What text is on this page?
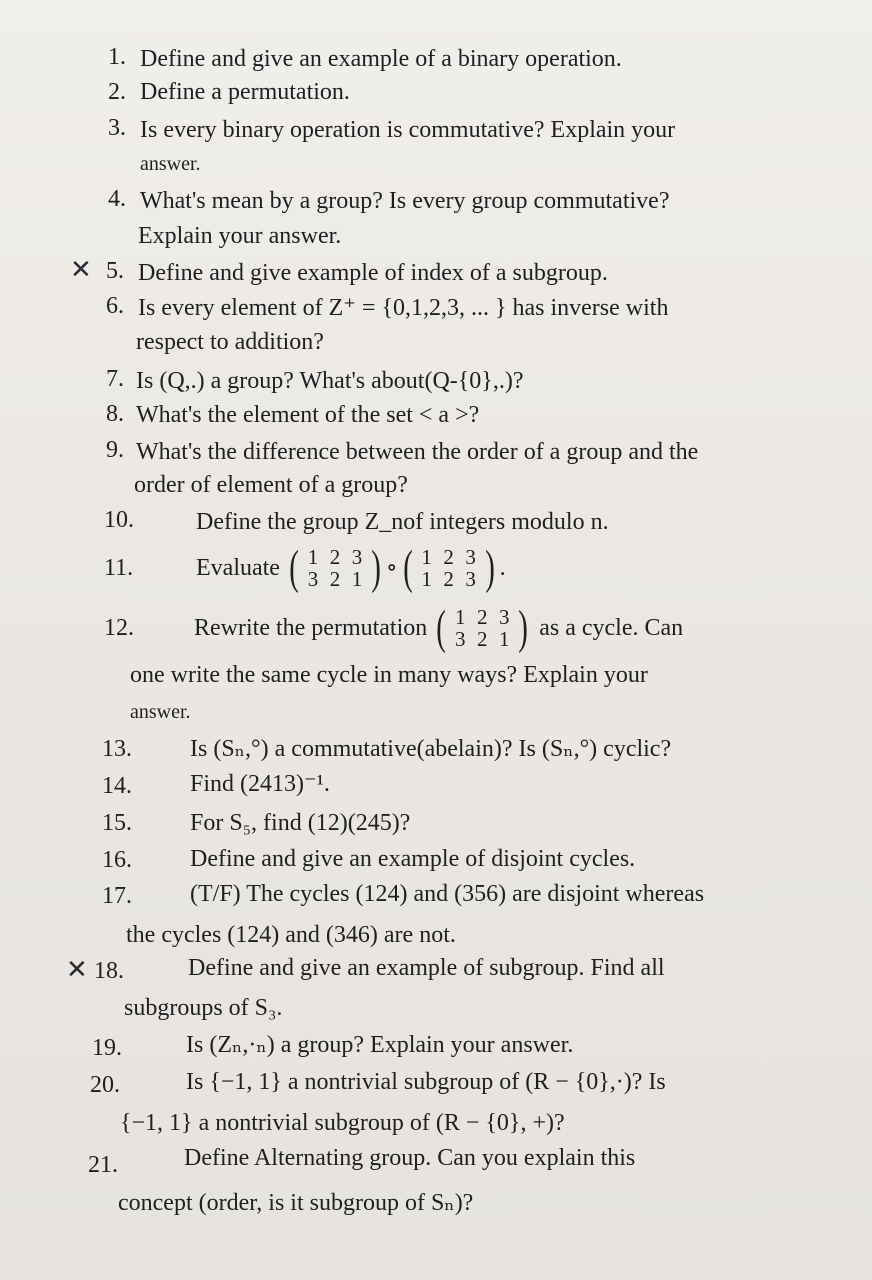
1. Define and give an example of a binary operation.
2. Define a permutation.
3. Is every binary operation is commutative? Explain your
answer.
4. What's mean by a group? Is every group commutative?
Explain your answer.
✕ 5. Define and give example of index of a subgroup.
6. Is every element of Z⁺ = {0,1,2,3, ... } has inverse with
respect to addition?
7. Is (Q,.) a group? What's about(Q-{0},.)?
8. What's the element of the set < a >?
9. What's the difference between the order of a group and the
order of element of a group?
10.	Define the group Z_nof integers modulo n.
11.	Evaluate ( 1 2 3
3 2 1 ) ∘ ( 1 2 3
1 2 3 ) .
12.	Rewrite the permutation ( 1 2 3
3 2 1 ) as a cycle. Can
one write the same cycle in many ways? Explain your
answer.
13. Is (Sₙ,°) a commutative(abelain)? Is (Sₙ,°) cyclic?
14. Find (2413)⁻¹.
15. For S₅, find (12)(245)?
16. Define and give an example of disjoint cycles.
17. (T/F) The cycles (124) and (356) are disjoint whereas
the cycles (124) and (346) are not.
✕ 18.	Define and give an example of subgroup. Find all
subgroups of S₃.
19.	Is (Zₙ,·ₙ) a group? Explain your answer.
20.	Is {−1, 1} a nontrivial subgroup of (R − {0},·)? Is
{−1, 1} a nontrivial subgroup of (R − {0}, +)?
21.	Define Alternating group. Can you explain this
concept (order, is it subgroup of Sₙ)?
